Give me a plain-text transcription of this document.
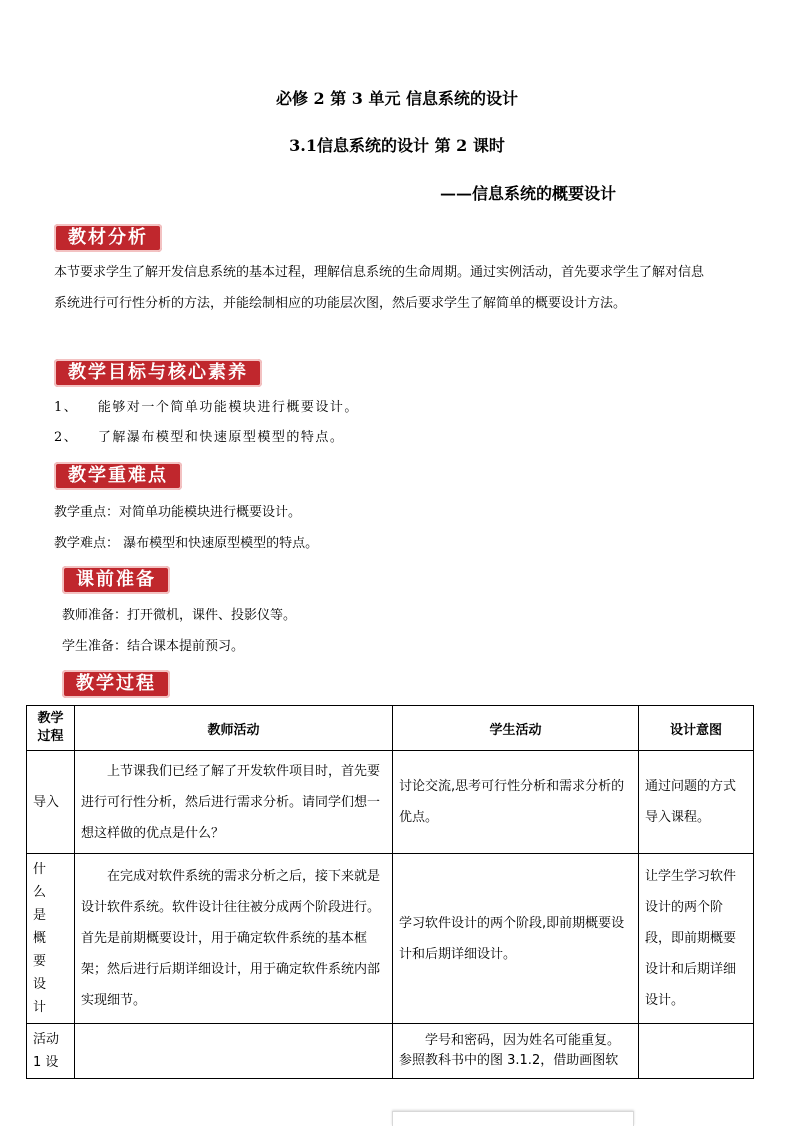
必修 2 第 3 单元 信息系统的设计
3.1信息系统的设计 第 2 课时
——信息系统的概要设计
教材分析
本节要求学生了解开发信息系统的基本过程，理解信息系统的生命周期。通过实例活动，首先要求学生了解对信息系统进行可行性分析的方法，并能绘制相应的功能层次图，然后要求学生了解简单的概要设计方法。
教学目标与核心素养
1、 能够对一个简单功能模块进行概要设计。
2、 了解瀑布模型和快速原型模型的特点。
教学重难点
教学重点：对简单功能模块进行概要设计。
教学难点： 瀑布模型和快速原型模型的特点。
课前准备
教师准备：打开微机，课件、投影仪等。
学生准备：结合课本提前预习。
教学过程
教学过程	教师活动	学生活动	设计意图
导入	上节课我们已经了解了开发软件项目时，首先要进行可行性分析，然后进行需求分析。请同学们想一想这样做的优点是什么？	讨论交流,思考可行性分析和需求分析的优点。	通过问题的方式导入课程。
什么是概要设计	在完成对软件系统的需求分析之后，接下来就是设计软件系统。软件设计往往被分成两个阶段进行。首先是前期概要设计，用于确定软件系统的基本框架；然后进行后期详细设计，用于确定软件系统内部实现细节。	学习软件设计的两个阶段,即前期概要设计和后期详细设计。	让学生学习软件设计的两个阶段，即前期概要设计和后期详细设计。
活动 1 设		学号和密码，因为姓名可能重复。参照教科书中的图 3.1.2，借助画图软	
